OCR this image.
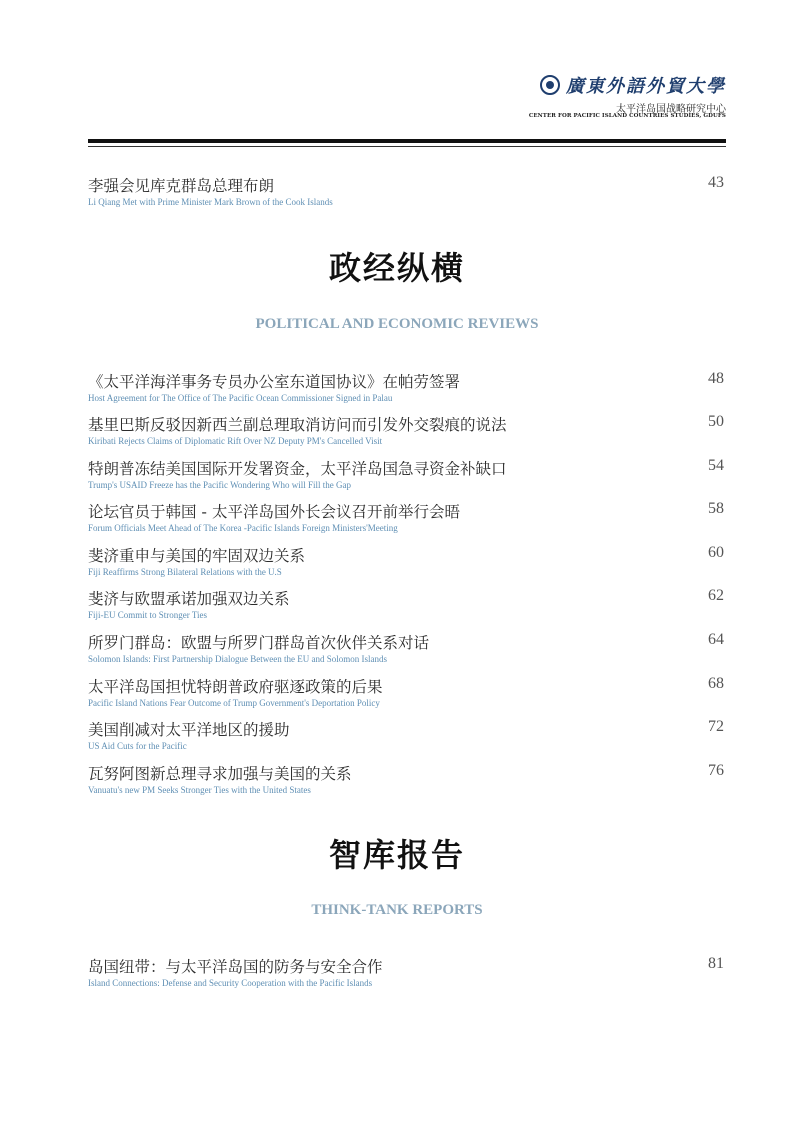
廣東外語外貿大學
太平洋岛国战略研究中心
CENTER FOR PACIFIC ISLAND COUNTRIES STUDIES, GDUFS
李强会见库克群岛总理布朗
Li Qiang Met with Prime Minister Mark Brown of the Cook Islands
43
政经纵横
POLITICAL AND ECONOMIC REVIEWS
《太平洋海洋事务专员办公室东道国协议》在帕劳签署
Host Agreement for The Office of The Pacific Ocean Commissioner Signed in Palau
48
基里巴斯反驳因新西兰副总理取消访问而引发外交裂痕的说法
Kiribati Rejects Claims of Diplomatic Rift Over NZ Deputy PM's Cancelled Visit
50
特朗普冻结美国国际开发署资金，太平洋岛国急寻资金补缺口
Trump's USAID Freeze has the Pacific Wondering Who will Fill the Gap
54
论坛官员于韩国 - 太平洋岛国外长会议召开前举行会晤
Forum Officials Meet Ahead of The Korea -Pacific Islands Foreign Ministers'Meeting
58
斐济重申与美国的牢固双边关系
Fiji Reaffirms Strong Bilateral Relations with the U.S
60
斐济与欧盟承诺加强双边关系
Fiji-EU Commit to Stronger Ties
62
所罗门群岛：欧盟与所罗门群岛首次伙伴关系对话
Solomon Islands: First Partnership Dialogue Between the EU and Solomon Islands
64
太平洋岛国担忧特朗普政府驱逐政策的后果
Pacific Island Nations Fear Outcome of Trump Government's Deportation Policy
68
美国削减对太平洋地区的援助
US Aid Cuts for the Pacific
72
瓦努阿图新总理寻求加强与美国的关系
Vanuatu's new PM Seeks Stronger Ties with the United States
76
智库报告
THINK-TANK REPORTS
岛国纽带：与太平洋岛国的防务与安全合作
Island Connections: Defense and Security Cooperation with the Pacific Islands
81
